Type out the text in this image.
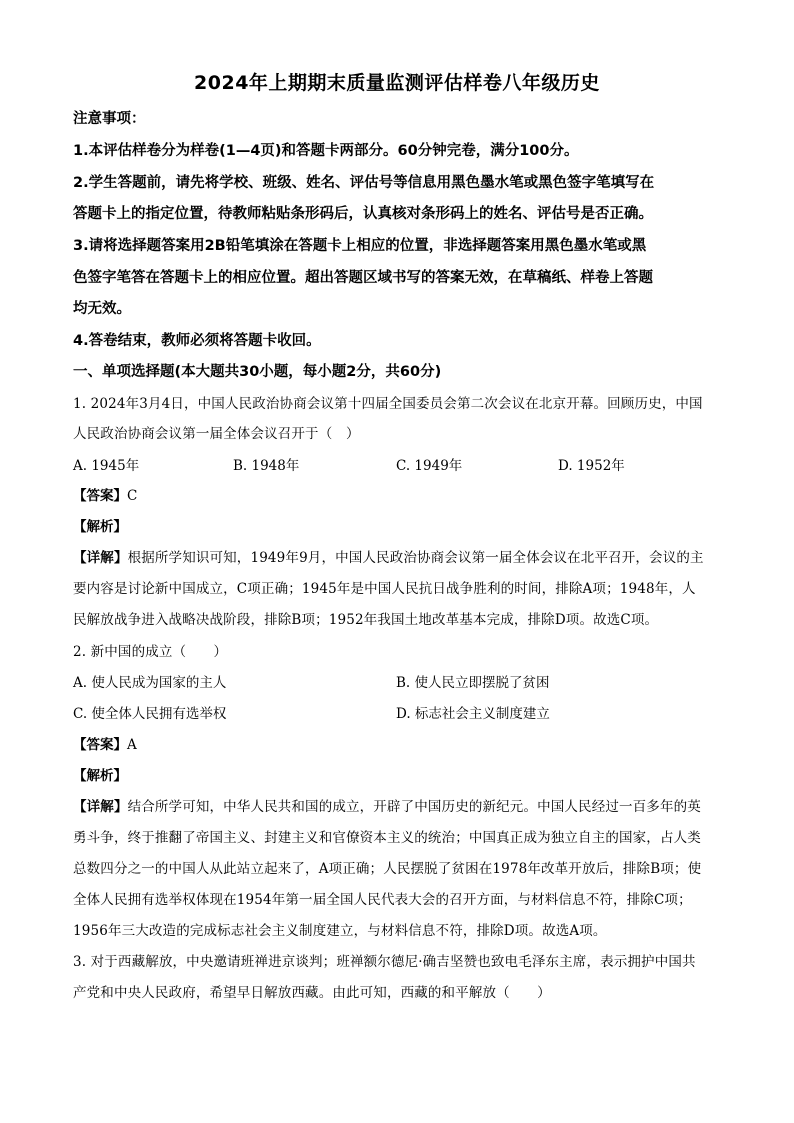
2024年上期期末质量监测评估样卷八年级历史
注意事项：
1.本评估样卷分为样卷(1—4页)和答题卡两部分。60分钟完卷，满分100分。
2.学生答题前，请先将学校、班级、姓名、评估号等信息用黑色墨水笔或黑色签字笔填写在
答题卡上的指定位置，待教师粘贴条形码后，认真核对条形码上的姓名、评估号是否正确。
3.请将选择题答案用2B铅笔填涂在答题卡上相应的位置，非选择题答案用黑色墨水笔或黑
色签字笔答在答题卡上的相应位置。超出答题区域书写的答案无效，在草稿纸、样卷上答题
均无效。
4.答卷结束，教师必须将答题卡收回。
一、单项选择题(本大题共30小题，每小题2分，共60分)
1. 2024年3月4日，中国人民政治协商会议第十四届全国委员会第二次会议在北京开幕。回顾历史，中国
人民政治协商会议第一届全体会议召开于（　）
A. 1945年	B. 1948年	C. 1949年	D. 1952年
【答案】C
【解析】
【详解】根据所学知识可知，1949年9月，中国人民政治协商会议第一届全体会议在北平召开，会议的主
要内容是讨论新中国成立，C项正确；1945年是中国人民抗日战争胜利的时间，排除A项；1948年，人
民解放战争进入战略决战阶段，排除B项；1952年我国土地改革基本完成，排除D项。故选C项。
2. 新中国的成立（　　）
A. 使人民成为国家的主人	B. 使人民立即摆脱了贫困
C. 使全体人民拥有选举权	D. 标志社会主义制度建立
【答案】A
【解析】
【详解】结合所学可知，中华人民共和国的成立，开辟了中国历史的新纪元。中国人民经过一百多年的英
勇斗争，终于推翻了帝国主义、封建主义和官僚资本主义的统治；中国真正成为独立自主的国家，占人类
总数四分之一的中国人从此站立起来了，A项正确；人民摆脱了贫困在1978年改革开放后，排除B项；使
全体人民拥有选举权体现在1954年第一届全国人民代表大会的召开方面，与材料信息不符，排除C项；
1956年三大改造的完成标志社会主义制度建立，与材料信息不符，排除D项。故选A项。
3. 对于西藏解放，中央邀请班禅进京谈判；班禅额尔德尼·确吉坚赞也致电毛泽东主席，表示拥护中国共
产党和中央人民政府，希望早日解放西藏。由此可知，西藏的和平解放（　　）
